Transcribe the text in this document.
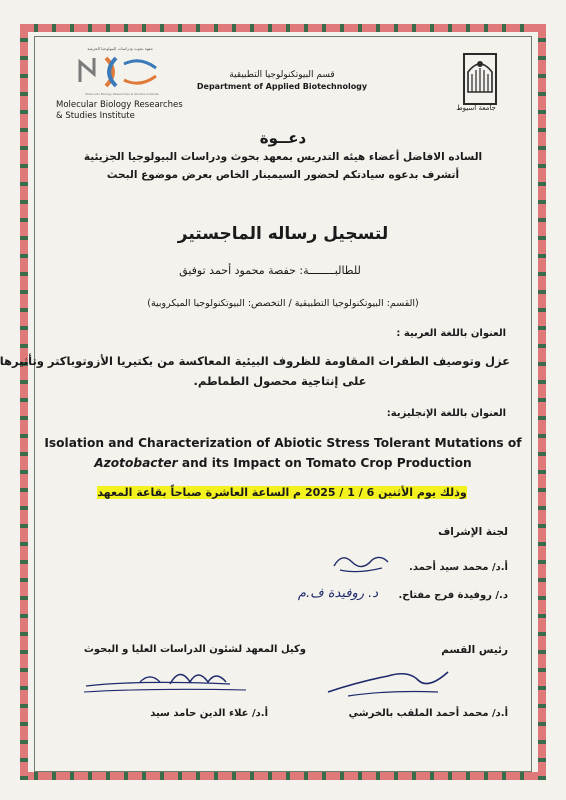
جامعة أسيوط
قسم البيوتكنولوجيا التطبيقية
Department of Applied Biotechnology
معهد بحوث ودراسات البيولوجيا الجزيئية
Molecular Biology Researches & Studies Institute
Molecular Biology Researches
& Studies Institute
دعــوة
الساده الافاضل أعضاء هيئه التدريس بمعهد بحوث ودراسات البيولوجيا الجزيئية
أتشرف بدعوه سيادتكم لحضور السيمينار الخاص بعرض موضوع البحث
لتسجيل رساله الماجستير
للطالبــــــــة: حفصة محمود أحمد توفيق
(القسم: البيوتكنولوجيا التطبيقية / التخصص: البيوتكنولوجيا الميكروبية)
العنوان باللغة العربية :
عزل وتوصيف الطفرات المقاومة للظروف البيئية المعاكسة من بكتيريا الأزوتوباكتر وتأثيرها
على إنتاجية محصول الطماطم.
العنوان باللغة الإنجليزية:
Isolation and Characterization of Abiotic Stress Tolerant Mutations of
Azotobacter and its Impact on Tomato Crop Production
وذلك يوم الأثنين 6 / 1 / 2025 م الساعة العاشرة صباحاً بقاعة المعهد
لجنة الإشراف
أ.د/ محمد سيد أحمد.
د. روفيدة ف.م	د./ روفيدة فرج مفتاح.
رئيس القسم
وكيل المعهد لشئون الدراسات العليا و البحوث
أ.د/ محمد أحمد الملقب بالخرشي
أ.د/ علاء الدين حامد سيد
